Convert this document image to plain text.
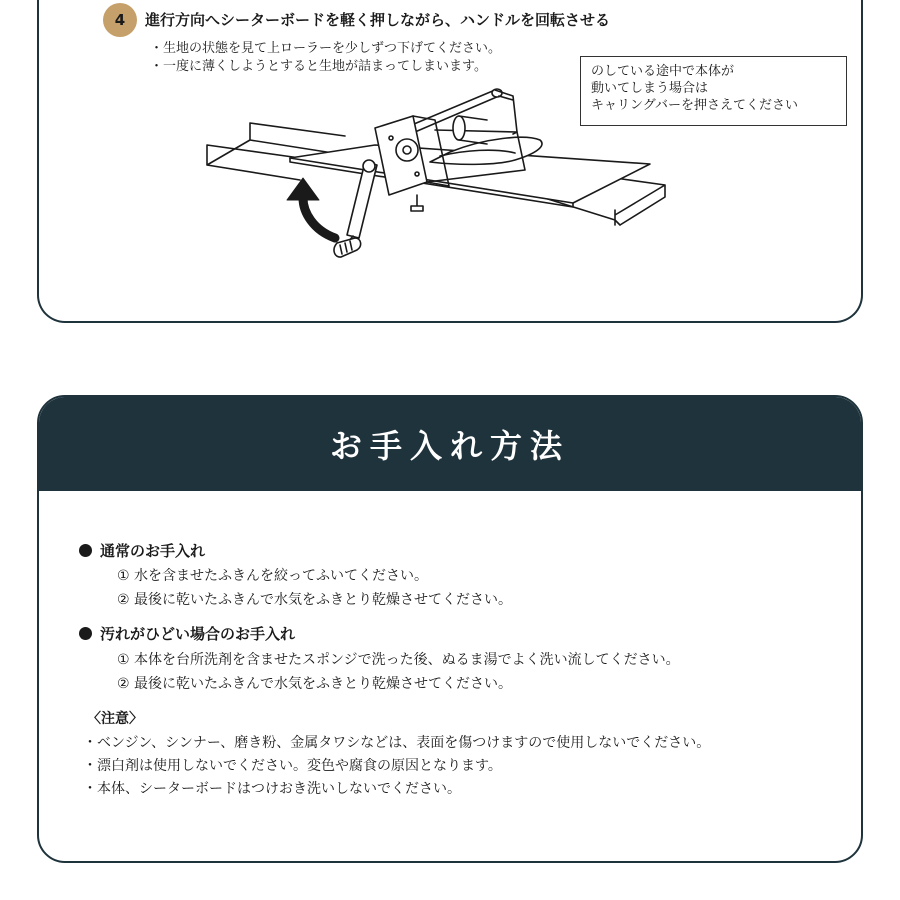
4	進行方向へシーターボードを軽く押しながら、ハンドルを回転させる
・生地の状態を見て上ローラーを少しずつ下げてください。
・一度に薄くしようとすると生地が詰まってしまいます。	のしている途中で本体が
動いてしまう場合は
キャリングバーを押さえてください
お手入れ方法
通常のお手入れ
① 水を含ませたふきんを絞ってふいてください。
② 最後に乾いたふきんで水気をふきとり乾燥させてください。
汚れがひどい場合のお手入れ
① 本体を台所洗剤を含ませたスポンジで洗った後、ぬるま湯でよく洗い流してください。
② 最後に乾いたふきんで水気をふきとり乾燥させてください。
〈注意〉
・ベンジン、シンナー、磨き粉、金属タワシなどは、表面を傷つけますので使用しないでください。
・漂白剤は使用しないでください。変色や腐食の原因となります。
・本体、シーターボードはつけおき洗いしないでください。
